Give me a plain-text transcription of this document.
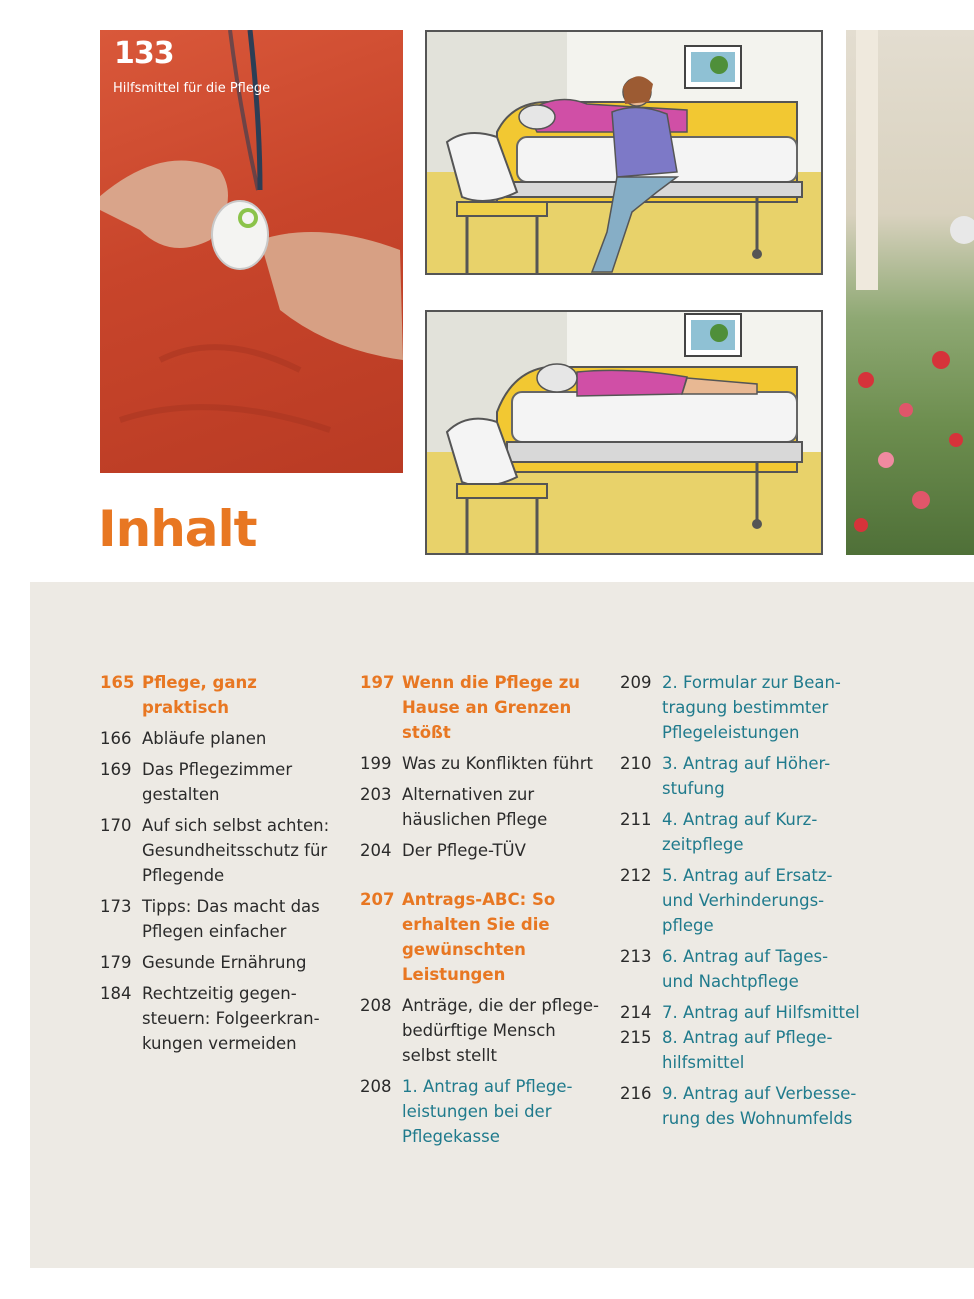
133
Hilfsmittel für die Pflege
Inhalt
165 Pflege, ganz
praktisch
166 Abläufe planen
169 Das Pflegezimmer
gestalten
170 Auf sich selbst achten:
Gesundheitsschutz für
Pflegende
173 Tipps: Das macht das
Pflegen einfacher
179 Gesunde Ernährung
184 Rechtzeitig gegen-
steuern: Folgeerkran-
kungen vermeiden
197 Wenn die Pflege zu
Hause an Grenzen
stößt
199 Was zu Konflikten führt
203 Alternativen zur
häuslichen Pflege
204 Der Pflege-TÜV
207 Antrags-ABC: So
erhalten Sie die
gewünschten
Leistungen
208 Anträge, die der pflege-
bedürftige Mensch
selbst stellt
208 1. Antrag auf Pflege-
leistungen bei der
Pflegekasse
209 2. Formular zur Bean-
tragung bestimmter
Pflegeleistungen
210 3. Antrag auf Höher-
stufung
211 4. Antrag auf Kurz-
zeitpflege
212 5. Antrag auf Ersatz-
und Verhinderungs-
pflege
213 6. Antrag auf Tages-
und Nachtpflege
214 7. Antrag auf Hilfsmittel
215 8. Antrag auf Pflege-
hilfsmittel
216 9. Antrag auf Verbesse-
rung des Wohnumfelds
